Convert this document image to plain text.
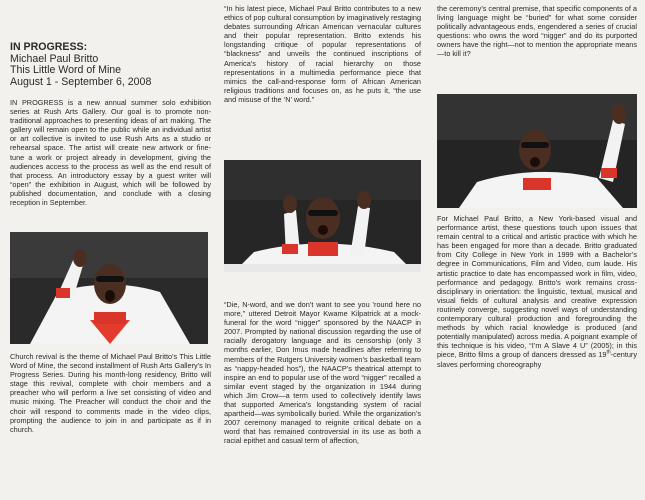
IN PROGRESS:
Michael Paul Britto
This Little Word of Mine
August 1 - September 6, 2008

IN PROGRESS is a new annual summer solo exhibition series at Rush Arts Gallery. Our goal is to promote non-traditional approaches to presenting ideas of art making. The gallery will remain open to the public while an individual artist or art collective is invited to use Rush Arts as a studio or rehearsal space. The artist will create new artwork or fine-tune a work or project already in development, giving the audiences access to the process as well as the end result of that process. An introductory essay by a guest writer will “open” the exhibition in August, which will be followed by published documentation, and conclude with a closing reception in September.

Church revival is the theme of Michael Paul Britto’s This Little Word of Mine, the second installment of Rush Arts Gallery’s In Progress Series. During his month-long residency, Britto will stage this revival, complete with choir members and a preacher who will perform a live set consisting of video and music mixing. The Preacher will conduct the choir and the choir will respond to comments made in the video clips, prompting the audience to join in and participate as if in church.

“In his latest piece, Michael Paul Britto contributes to a new ethics of pop cultural consumption by imaginatively restaging debates surrounding African American vernacular cultures and their popular representation. Britto extends his longstanding critique of popular representations of “blackness” and unveils the continued inscriptions of America’s history of racial hierarchy on those representations in a multimedia performance piece that mimics the call-and-response form of African American religious traditions and focuses on, as he puts it, “the use and misuse of the ‘N’ word.”

“Die, N-word, and we don’t want to see you ’round here no more,” uttered Detroit Mayor Kwame Kilpatrick at a mock-funeral for the word “nigger” sponsored by the NAACP in 2007. Prompted by national discussion regarding the use of racially derogatory language and its censorship (only 3 months earlier, Don Imus made headlines after referring to members of the Rutgers University women’s basketball team as “nappy-headed hos”), the NAACP’s theatrical attempt to inspire an end to popular use of the word “nigger” recalled a similar event staged by the organization in 1944 during which Jim Crow—a term used to collectively identify laws that supported America’s longstanding system of racial apartheid—was symbolically buried. While the organization’s 2007 ceremony managed to reignite critical debate on a word that has remained controversial in its use as both a racial epithet and casual term of affection,

the ceremony’s central premise, that specific components of a living language might be “buried” for what some consider politically advantageous ends, engendered a series of crucial questions: who owns the word “nigger” and do its purported owners have the right—not to mention the appropriate means—to kill it?

For Michael Paul Britto, a New York-based visual and performance artist, these questions touch upon issues that remain central to a critical and artistic practice with which he has been engaged for more than a decade. Britto graduated from City College in New York in 1999 with a Bachelor’s degree in Communications, Film and Video, cum laude. His artistic practice to date has encompassed work in film, video, performance and pedagogy. Britto’s work remains cross-disciplinary in orientation: the linguistic, textual, musical and visual fields of cultural analysis and creative expression routinely converge, suggesting novel ways of understanding contemporary cultural production and foregrounding the methods by which racial knowledge is produced (and potentially manipulated) across media. A poignant example of this technique is his video, “I’m A Slave 4 U” (2005); in this piece, Britto films a group of dancers dressed as 19th-century slaves performing choreography
